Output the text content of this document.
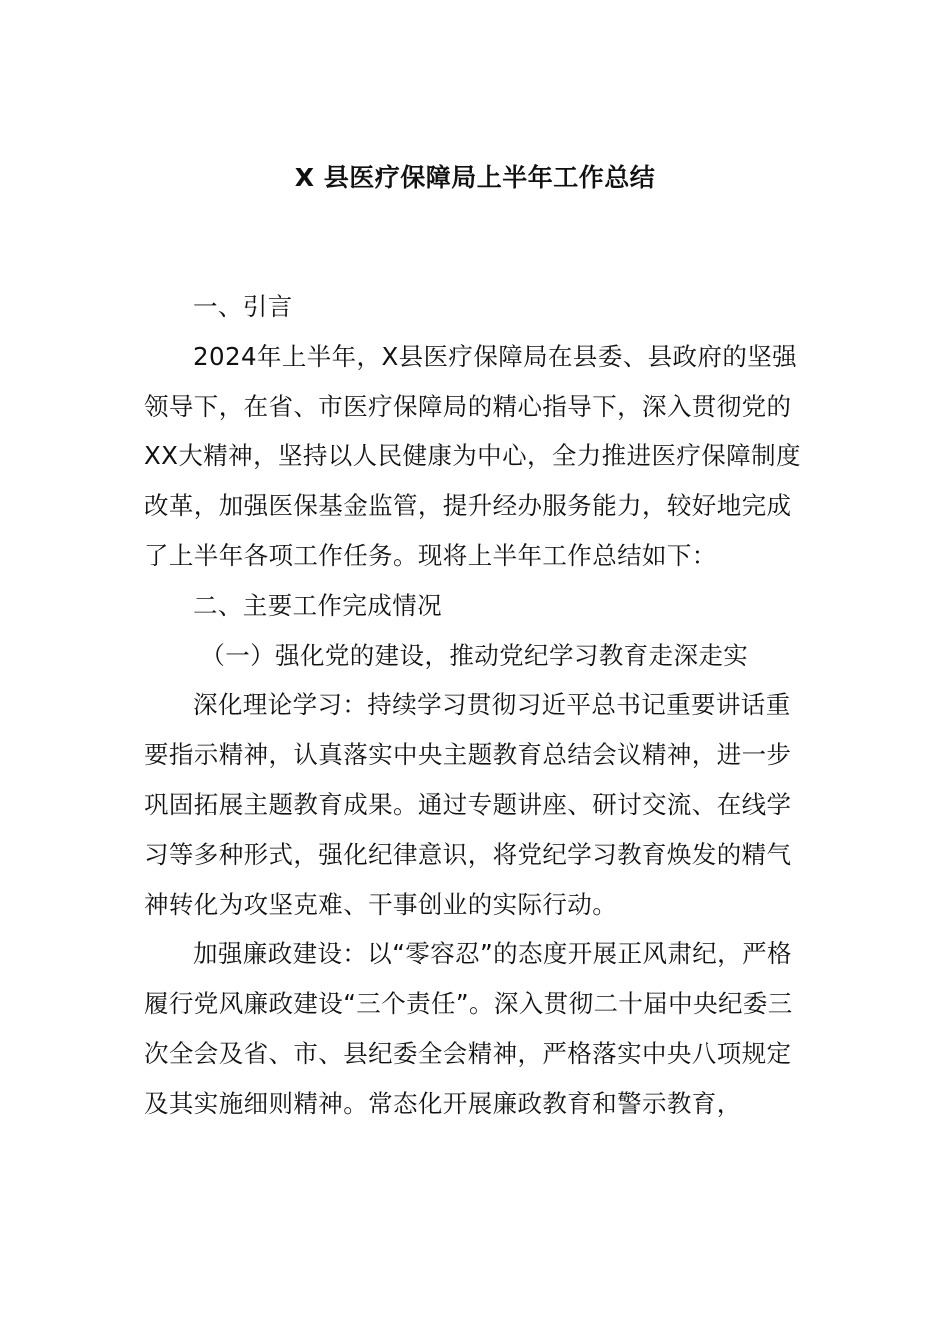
X 县医疗保障局上半年工作总结

一、引言

2024年上半年，X县医疗保障局在县委、县政府的坚强领导下，在省、市医疗保障局的精心指导下，深入贯彻党的XX大精神，坚持以人民健康为中心，全力推进医疗保障制度改革，加强医保基金监管，提升经办服务能力，较好地完成了上半年各项工作任务。现将上半年工作总结如下：

二、主要工作完成情况

（一）强化党的建设，推动党纪学习教育走深走实

深化理论学习：持续学习贯彻习近平总书记重要讲话重要指示精神，认真落实中央主题教育总结会议精神，进一步巩固拓展主题教育成果。通过专题讲座、研讨交流、在线学习等多种形式，强化纪律意识，将党纪学习教育焕发的精气神转化为攻坚克难、干事创业的实际行动。

加强廉政建设：以“零容忍”的态度开展正风肃纪，严格履行党风廉政建设“三个责任”。深入贯彻二十届中央纪委三次全会及省、市、县纪委全会精神，严格落实中央八项规定及其实施细则精神。常态化开展廉政教育和警示教育，
